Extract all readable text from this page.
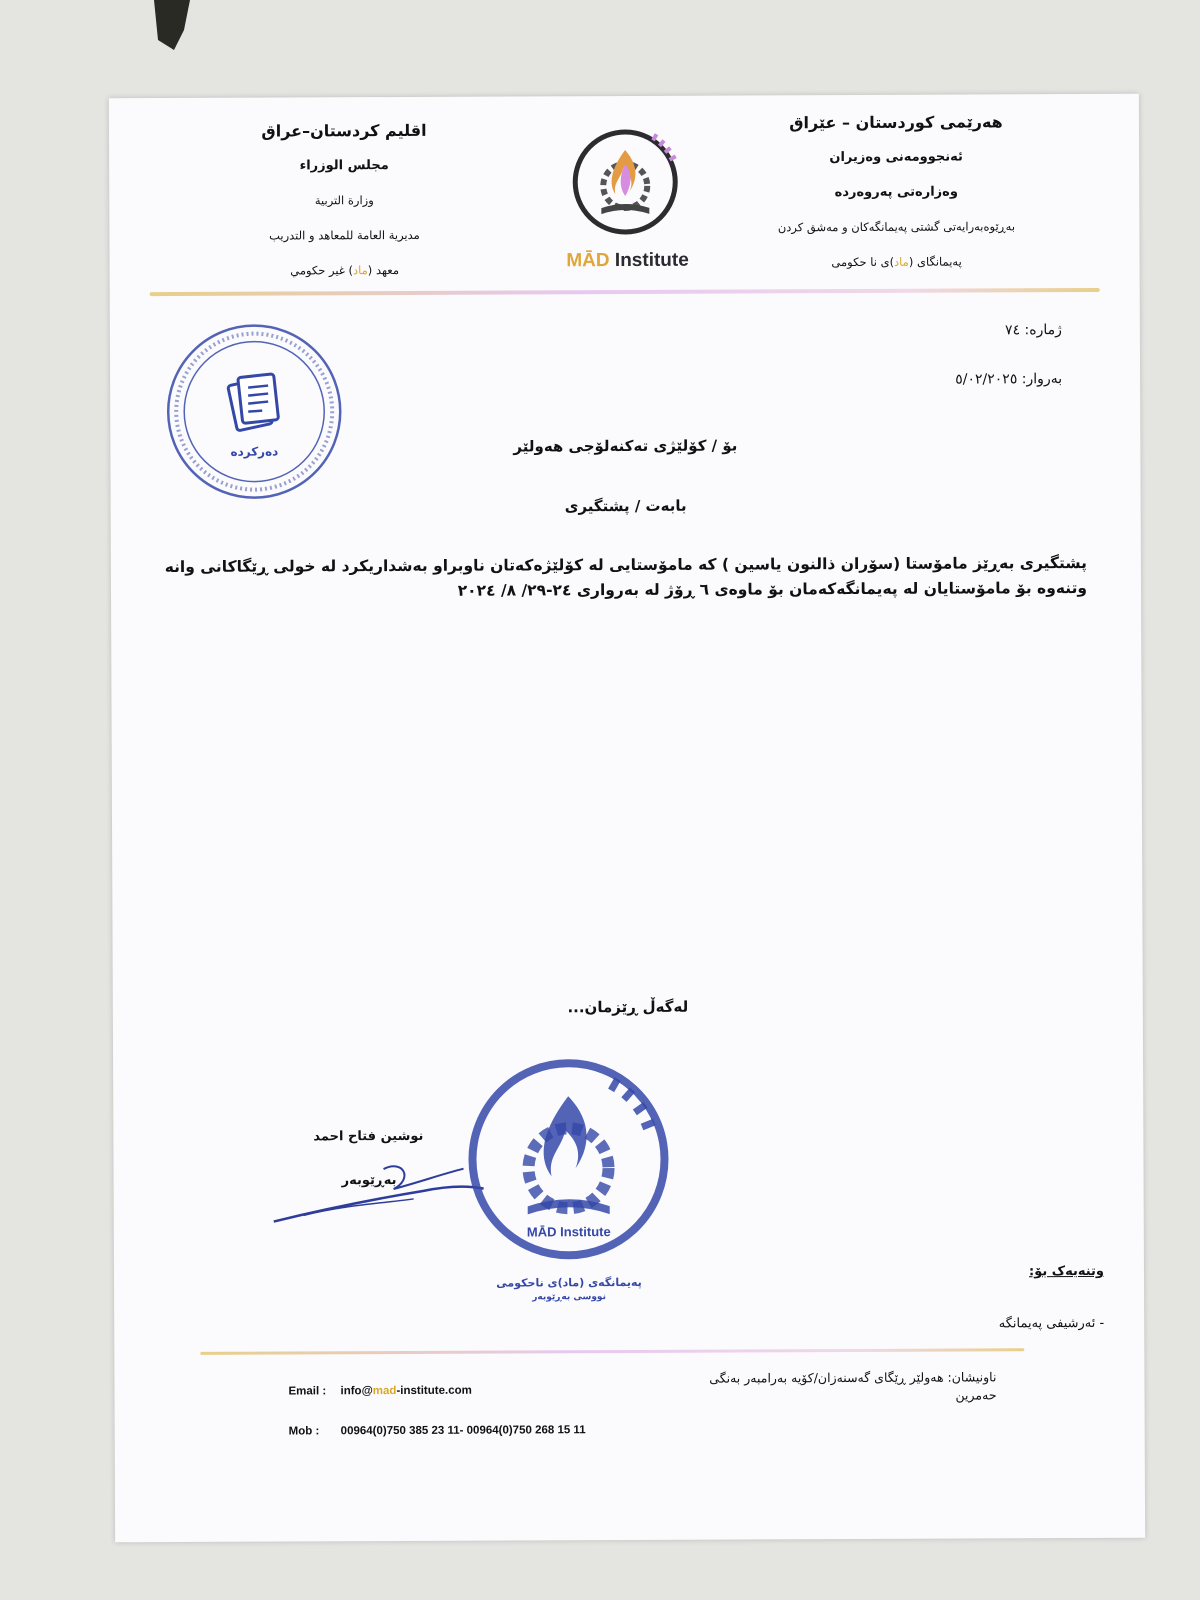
هەرێمی کوردستان – عێراق

ئەنجوومەنی وەزیران

وەزارەتی پەروەردە

بەڕێوەبەرایەتی گشتی پەیمانگەکان و مەشق کردن

پەیمانگای (ماد)ی نا حکومی

اقليم كردستان–عراق

مجلس الوزراء

وزارة التربية

مديرية العامة للمعاهد و التدريب

معهد (ماد) غير حكومي	MĀD Institute
دەرکردە
ژمارە: ٧٤
بەروار: ٥/٠٢/٢٠٢٥
بۆ / کۆلێژی تەکنەلۆجی هەولێر
بابەت / پشتگیری
پشتگیری بەڕێز مامۆستا (سۆران ذالنون یاسین ) کە مامۆستایی لە کۆلێژەکەتان ناوبراو بەشداریکرد لە خولی ڕێگاکانی وانە وتنەوە بۆ مامۆستایان لە پەیمانگەکەمان بۆ ماوەی ٦ ڕۆژ لە بەرواری ٢٤-٢٩/ ٨/ ٢٠٢٤
لەگەڵ ڕێزمان...
نوشين فتاح احمد
بەڕێوبەر
MĀD Institute
پەیمانگەی (ماد)ی ناحکومی
نووسی بەڕێوبەر
وتنەیەک بۆ:
- ئەرشیفی پەیمانگە
ناونیشان: هەولێر ڕێگای گەسنەزان/کۆیە بەرامبەر بەنگی
حەمرین
Email : info@mad-institute.com
Mob : 00964(0)750 385 23 11- 00964(0)750 268 15 11
